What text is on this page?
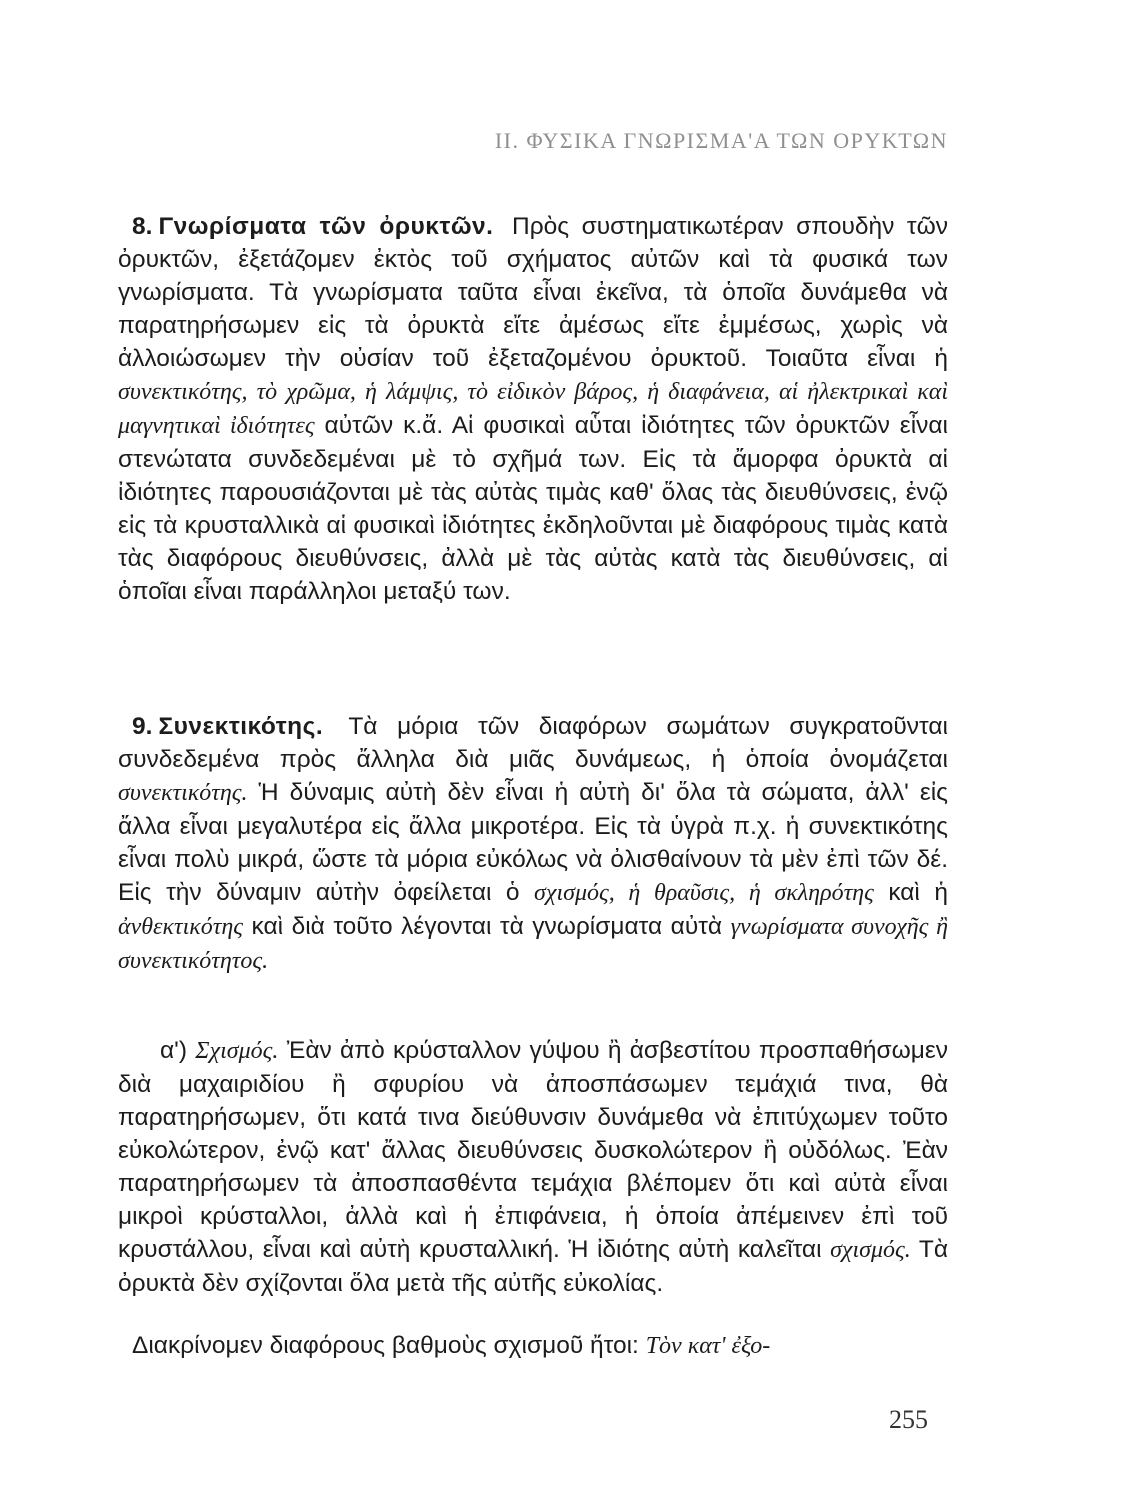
II. ΦΥΣΙΚΑ ΓΝΩΡΙΣΜΑ'Α ΤΩΝ ΟΡΥΚΤΩΝ

8. Γνωρίσματα τῶν ὀρυκτῶν. Πρὸς συστηματικωτέραν σπουδὴν τῶν ὀρυκτῶν, ἐξετάζομεν ἐκτὸς τοῦ σχήματος αὐτῶν καὶ τὰ φυσικά των γνωρίσματα. Τὰ γνωρίσματα ταῦτα εἶναι ἐκεῖνα, τὰ ὁποῖα δυνάμεθα νὰ παρατηρήσωμεν εἰς τὰ ὀρυκτὰ εἴτε ἀμέσως εἴτε ἐμμέσως, χωρὶς νὰ ἀλλοιώσωμεν τὴν οὐσίαν τοῦ ἐξεταζομένου ὀρυκτοῦ. Τοιαῦτα εἶναι ἡ συνεκτικότης, τὸ χρῶμα, ἡ λάμψις, τὸ εἰδικὸν βάρος, ἡ διαφάνεια, αἱ ἠλεκτρικαὶ καὶ μαγνητικαὶ ἰδιότητες αὐτῶν κ.ἄ. Αἱ φυσικαὶ αὗται ἰδιότητες τῶν ὀρυκτῶν εἶναι στενώτατα συνδεδεμέναι μὲ τὸ σχῆμά των. Εἰς τὰ ἄμορφα ὀρυκτὰ αἱ ἰδιότητες παρουσιάζονται μὲ τὰς αὐτὰς τιμὰς καθ' ὅλας τὰς διευθύνσεις, ἐνῷ εἰς τὰ κρυσταλλικὰ αἱ φυσικαὶ ἰδιότητες ἐκδηλοῦνται μὲ διαφόρους τιμὰς κατὰ τὰς διαφόρους διευθύνσεις, ἀλλὰ μὲ τὰς αὐτὰς κατὰ τὰς διευθύνσεις, αἱ ὁποῖαι εἶναι παράλληλοι μεταξύ των.

9. Συνεκτικότης. Τὰ μόρια τῶν διαφόρων σωμάτων συγκρατοῦνται συνδεδεμένα πρὸς ἄλληλα διὰ μιᾶς δυνάμεως, ἡ ὁποία ὀνομάζεται συνεκτικότης. Ἡ δύναμις αὐτὴ δὲν εἶναι ἡ αὐτὴ δι' ὅλα τὰ σώματα, ἀλλ' εἰς ἄλλα εἶναι μεγαλυτέρα εἰς ἄλλα μικροτέρα. Εἰς τὰ ὑγρὰ π.χ. ἡ συνεκτικότης εἶναι πολὺ μικρά, ὥστε τὰ μόρια εὐκόλως νὰ ὀλισθαίνουν τὰ μὲν ἐπὶ τῶν δέ. Εἰς τὴν δύναμιν αὐτὴν ὀφείλεται ὁ σχισμός, ἡ θραῦσις, ἡ σκληρότης καὶ ἡ ἀνθεκτικότης καὶ διὰ τοῦτο λέγονται τὰ γνωρίσματα αὐτὰ γνωρίσματα συνοχῆς ἢ συνεκτικότητος.

α') Σχισμός. Ἐὰν ἀπὸ κρύσταλλον γύψου ἢ ἀσβεστίτου προσπαθήσωμεν διὰ μαχαιριδίου ἢ σφυρίου νὰ ἀποσπάσωμεν τεμάχιά τινα, θὰ παρατηρήσωμεν, ὅτι κατά τινα διεύθυνσιν δυνάμεθα νὰ ἐπιτύχωμεν τοῦτο εὐκολώτερον, ἐνῷ κατ' ἄλλας διευθύνσεις δυσκολώτερον ἢ οὐδόλως. Ἐὰν παρατηρήσωμεν τὰ ἀποσπασθέντα τεμάχια βλέπομεν ὅτι καὶ αὐτὰ εἶναι μικροὶ κρύσταλλοι, ἀλλὰ καὶ ἡ ἐπιφάνεια, ἡ ὁποία ἀπέμεινεν ἐπὶ τοῦ κρυστάλλου, εἶναι καὶ αὐτὴ κρυσταλλική. Ἡ ἰδιότης αὐτὴ καλεῖται σχισμός. Τὰ ὀρυκτὰ δὲν σχίζονται ὅλα μετὰ τῆς αὐτῆς εὐκολίας.

Διακρίνομεν διαφόρους βαθμοὺς σχισμοῦ ἤτοι: Τὸν κατ' ἐξο-

255
